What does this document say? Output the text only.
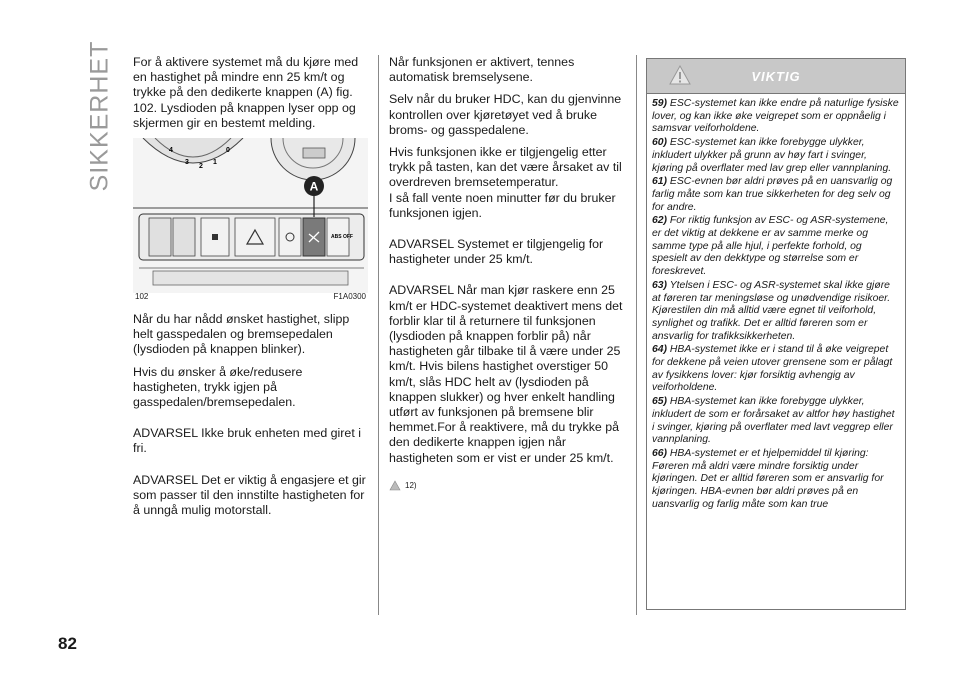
SIKKERHET For å aktivere systemet må du kjøre med en hastighet på mindre enn 25 km/t og trykke på den dedikerte knappen (A) fig. 102. Lysdioden på knappen lyser opp og skjermen gir en bestemt melding.

4
3
2
1
0
ABS OFF
A
102	F1A0300

Når du har nådd ønsket hastighet, slipp helt gasspedalen og bremsepedalen (lysdioden på knappen blinker).

Hvis du ønsker å øke/redusere hastigheten, trykk igjen på gasspedalen/bremsepedalen.

ADVARSEL Ikke bruk enheten med giret i fri.

ADVARSEL Det er viktig å engasjere et gir som passer til den innstilte hastigheten for å unngå mulig motorstall.

Når funksjonen er aktivert, tennes automatisk bremselysene.

Selv når du bruker HDC, kan du gjenvinne kontrollen over kjøretøyet ved å bruke broms- og gasspedalene.

Hvis funksjonen ikke er tilgjengelig etter trykk på tasten, kan det være årsaket av til overdreven bremsetemperatur.

I så fall vente noen minutter før du bruker funksjonen igjen.

ADVARSEL Systemet er tilgjengelig for hastigheter under 25 km/t.

ADVARSEL Når man kjør raskere enn 25 km/t er HDC-systemet deaktivert mens det forblir klar til å returnere til funksjonen (lysdioden på knappen forblir på) når hastigheten går tilbake til å være under 25 km/t. Hvis bilens hastighet overstiger 50 km/t, slås HDC helt av (lysdioden på knappen slukker) og hver enkelt handling utført av funksjonen på bremsene blir hemmet.For å reaktivere, må du trykke på den dedikerte knappen igjen når hastigheten som er vist er under 25 km/t.

12)
VIKTIG
59) ESC-systemet kan ikke endre på naturlige fysiske lover, og kan ikke øke veigrepet som er oppnåelig i samsvar veiforholdene.
60) ESC-systemet kan ikke forebygge ulykker, inkludert ulykker på grunn av høy fart i svinger, kjøring på overflater med lav grep eller vannplaning.
61) ESC-evnen bør aldri prøves på en uansvarlig og farlig måte som kan true sikkerheten for deg selv og for andre.
62) For riktig funksjon av ESC- og ASR-systemene, er det viktig at dekkene er av samme merke og samme type på alle hjul, i perfekte forhold, og spesielt av den dekktype og størrelse som er foreskrevet.
63) Ytelsen i ESC- og ASR-systemet skal ikke gjøre at føreren tar meningsløse og unødvendige risikoer. Kjørestilen din må alltid være egnet til veiforhold, synlighet og trafikk. Det er alltid føreren som er ansvarlig for trafikksikkerheten.
64) HBA-systemet ikke er i stand til å øke veigrepet for dekkene på veien utover grensene som er pålagt av fysikkens lover: kjør forsiktig avhengig av veiforholdene.
65) HBA-systemet kan ikke forebygge ulykker, inkludert de som er forårsaket av altfor høy hastighet i svinger, kjøring på overflater med lavt veggrep eller vannplaning.
66) HBA-systemet er et hjelpemiddel til kjøring: Føreren må aldri være mindre forsiktig under kjøringen. Det er alltid føreren som er ansvarlig for kjøringen. HBA-evnen bør aldri prøves på en uansvarlig og farlig måte som kan true
82
